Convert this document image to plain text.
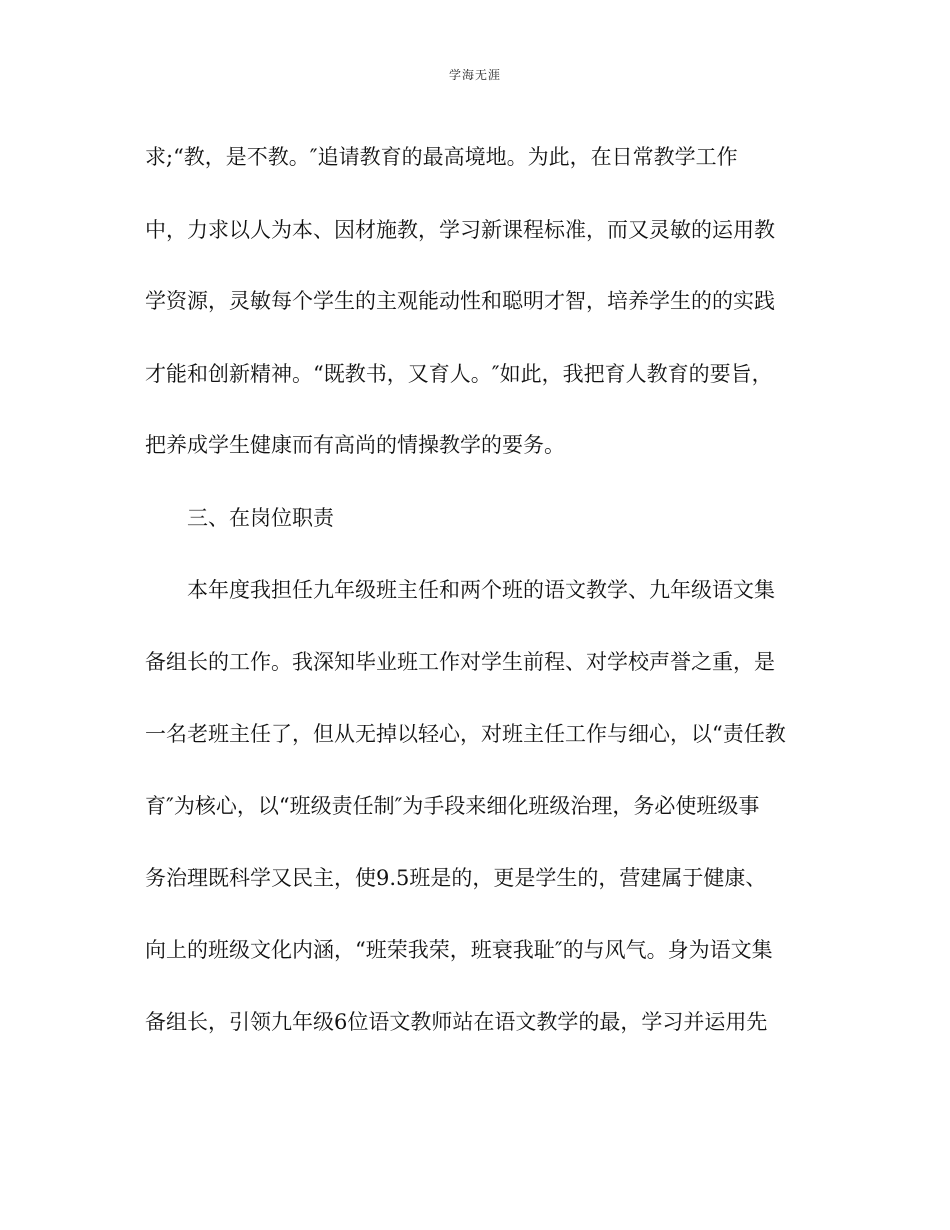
学海无涯
求;“教，是不教。″追请教育的最高境地。为此，在日常教学工作
中，力求以人为本、因材施教，学习新课程标准，而又灵敏的运用教
学资源，灵敏每个学生的主观能动性和聪明才智，培养学生的的实践
才能和创新精神。“既教书，又育人。″如此，我把育人教育的要旨，
把养成学生健康而有高尚的情操教学的要务。
三、在岗位职责
本年度我担任九年级班主任和两个班的语文教学、九年级语文集
备组长的工作。我深知毕业班工作对学生前程、对学校声誉之重，是
一名老班主任了，但从无掉以轻心，对班主任工作与细心，以“责任教
育″为核心，以“班级责任制″为手段来细化班级治理，务必使班级事
务治理既科学又民主，使9.5班是的，更是学生的，营建属于健康、
向上的班级文化内涵，“班荣我荣，班衰我耻″的与风气。身为语文集
备组长，引领九年级6位语文教师站在语文教学的最，学习并运用先
